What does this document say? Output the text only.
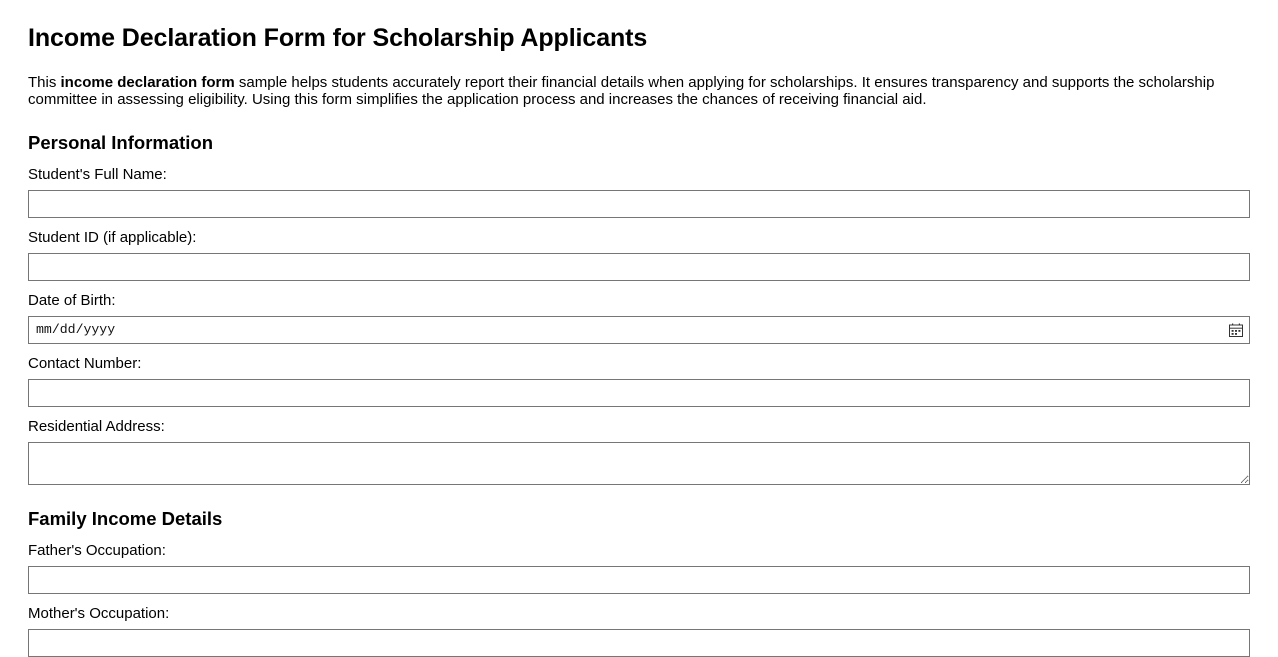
Income Declaration Form for Scholarship Applicants

This income declaration form sample helps students accurately report their financial details when applying for scholarships. It ensures transparency and supports the scholarship committee in assessing eligibility. Using this form simplifies the application process and increases the chances of receiving financial aid.

Personal Information
Student's Full Name:
Student ID (if applicable):
Date of Birth:
mm/dd/yyyy
Contact Number:
Residential Address:
Family Income Details
Father's Occupation:
Mother's Occupation:
